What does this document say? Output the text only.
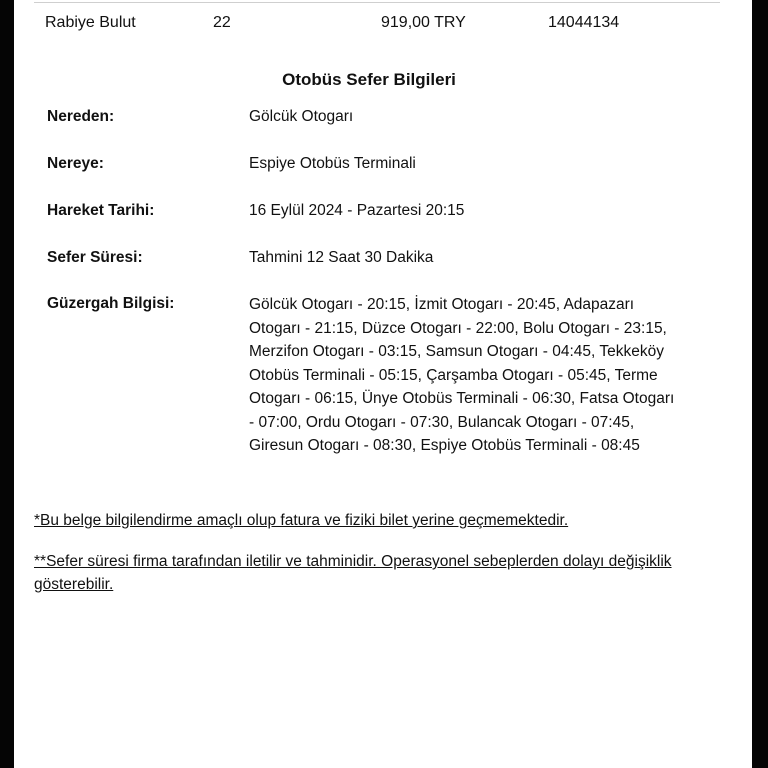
Rabiye Bulut	22	919,00 TRY	14044134
Otobüs Sefer Bilgileri
Nereden:	Gölcük Otogarı
Nereye:	Espiye Otobüs Terminali
Hareket Tarihi:	16 Eylül 2024 - Pazartesi 20:15
Sefer Süresi:	Tahmini 12 Saat 30 Dakika
Güzergah Bilgisi:	Gölcük Otogarı - 20:15, İzmit Otogarı - 20:45, Adapazarı Otogarı - 21:15, Düzce Otogarı - 22:00, Bolu Otogarı - 23:15, Merzifon Otogarı - 03:15, Samsun Otogarı - 04:45, Tekkeköy Otobüs Terminali - 05:15, Çarşamba Otogarı - 05:45, Terme Otogarı - 06:15, Ünye Otobüs Terminali - 06:30, Fatsa Otogarı - 07:00, Ordu Otogarı - 07:30, Bulancak Otogarı - 07:45, Giresun Otogarı - 08:30, Espiye Otobüs Terminali - 08:45
*Bu belge bilgilendirme amaçlı olup fatura ve fiziki bilet yerine geçmemektedir.
**Sefer süresi firma tarafından iletilir ve tahminidir. Operasyonel sebeplerden dolayı değişiklik gösterebilir.
